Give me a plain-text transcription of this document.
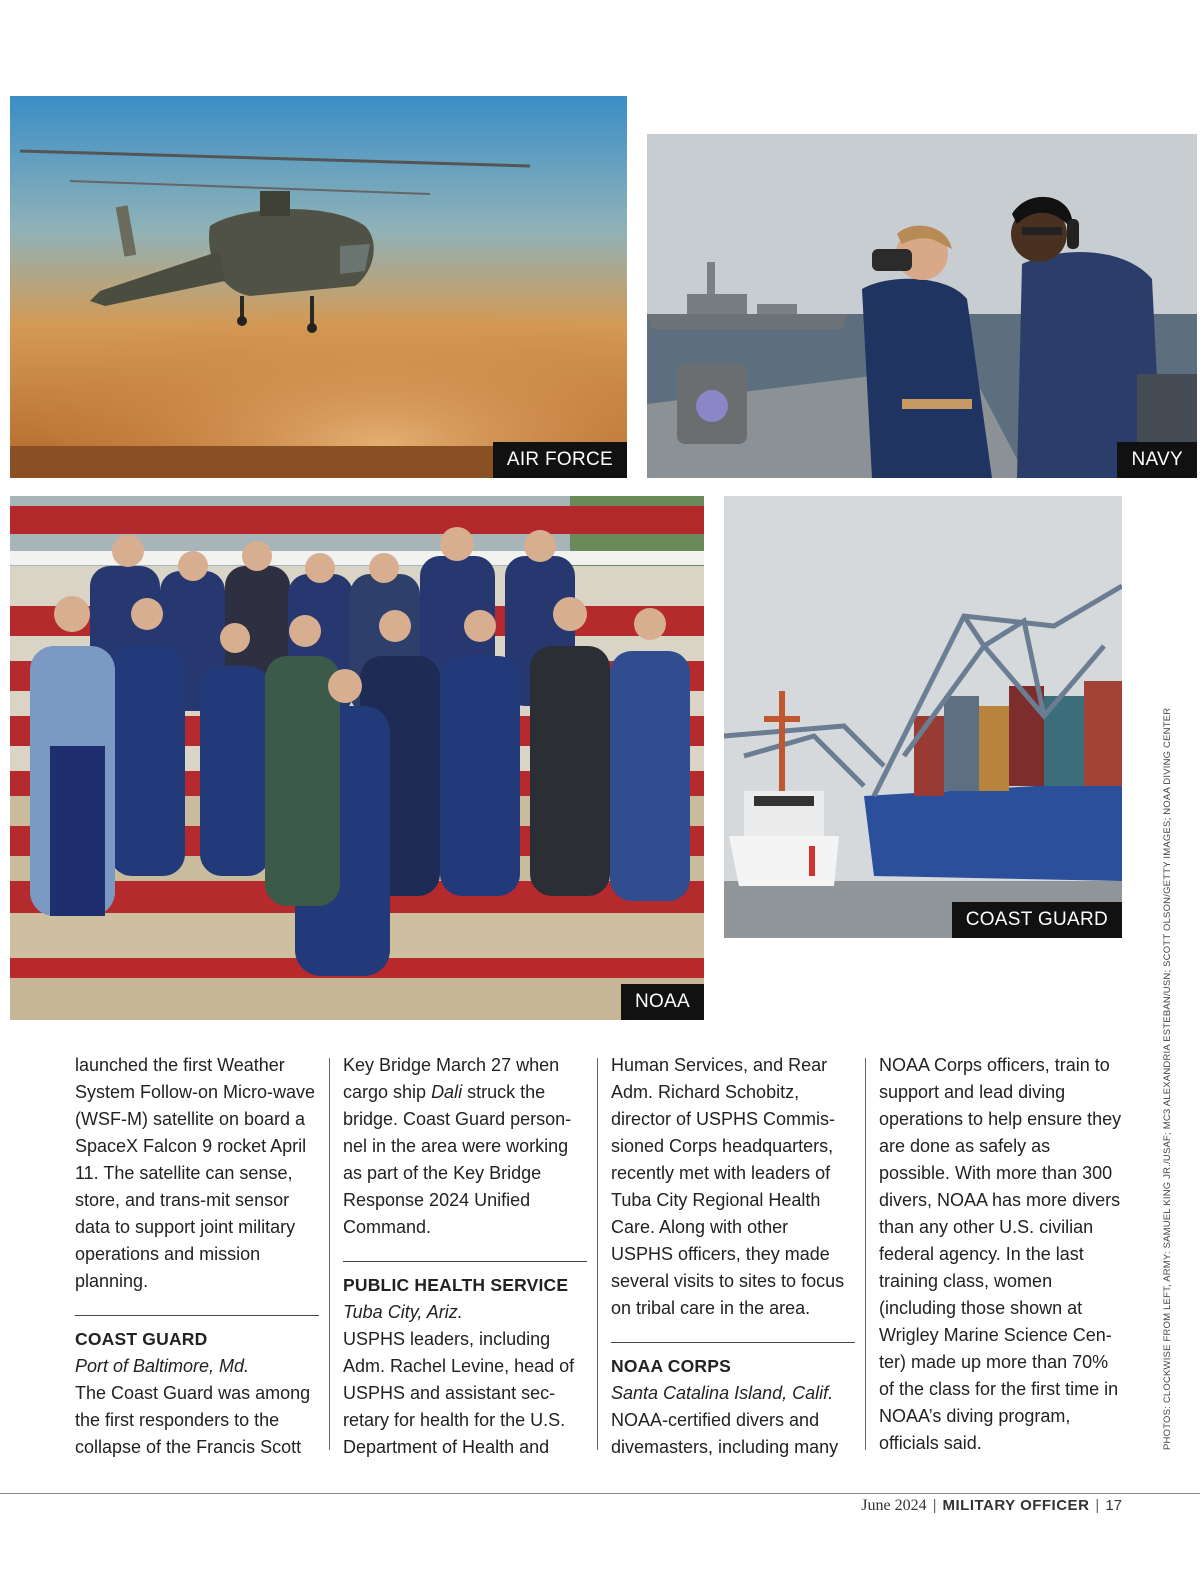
AIR FORCE	NAVY
NOAA
COAST GUARD	PHOTOS: CLOCKWISE FROM LEFT, ARMY: SAMUEL KING JR./USAF; MC3 ALEXANDRIA ESTEBAN/USN; SCOTT OLSON/GETTY IMAGES; NOAA DIVING CENTER

launched the first Weather System Follow-on Micro-wave (WSF-M) satellite on board a SpaceX Falcon 9 rocket April 11. The satellite can sense, store, and trans-mit sensor data to support joint military operations and mission planning.

COAST GUARD

Port of Baltimore, Md.

The Coast Guard was among the first responders to the collapse of the Francis Scott

Key Bridge March 27 when cargo ship Dali struck the bridge. Coast Guard person-nel in the area were working as part of the Key Bridge Response 2024 Unified Command.

PUBLIC HEALTH SERVICE

Tuba City, Ariz.

USPHS leaders, including Adm. Rachel Levine, head of USPHS and assistant sec-retary for health for the U.S. Department of Health and

Human Services, and Rear Adm. Richard Schobitz, director of USPHS Commis-sioned Corps headquarters, recently met with leaders of Tuba City Regional Health Care. Along with other USPHS officers, they made several visits to sites to focus on tribal care in the area.

NOAA CORPS

Santa Catalina Island, Calif.

NOAA-certified divers and divemasters, including many

NOAA Corps officers, train to support and lead diving operations to help ensure they are done as safely as possible. With more than 300 divers, NOAA has more divers than any other U.S. civilian federal agency. In the last training class, women (including those shown at Wrigley Marine Science Cen-ter) made up more than 70% of the class for the first time in NOAA’s diving program, officials said.

June 2024 | MILITARY OFFICER | 17
